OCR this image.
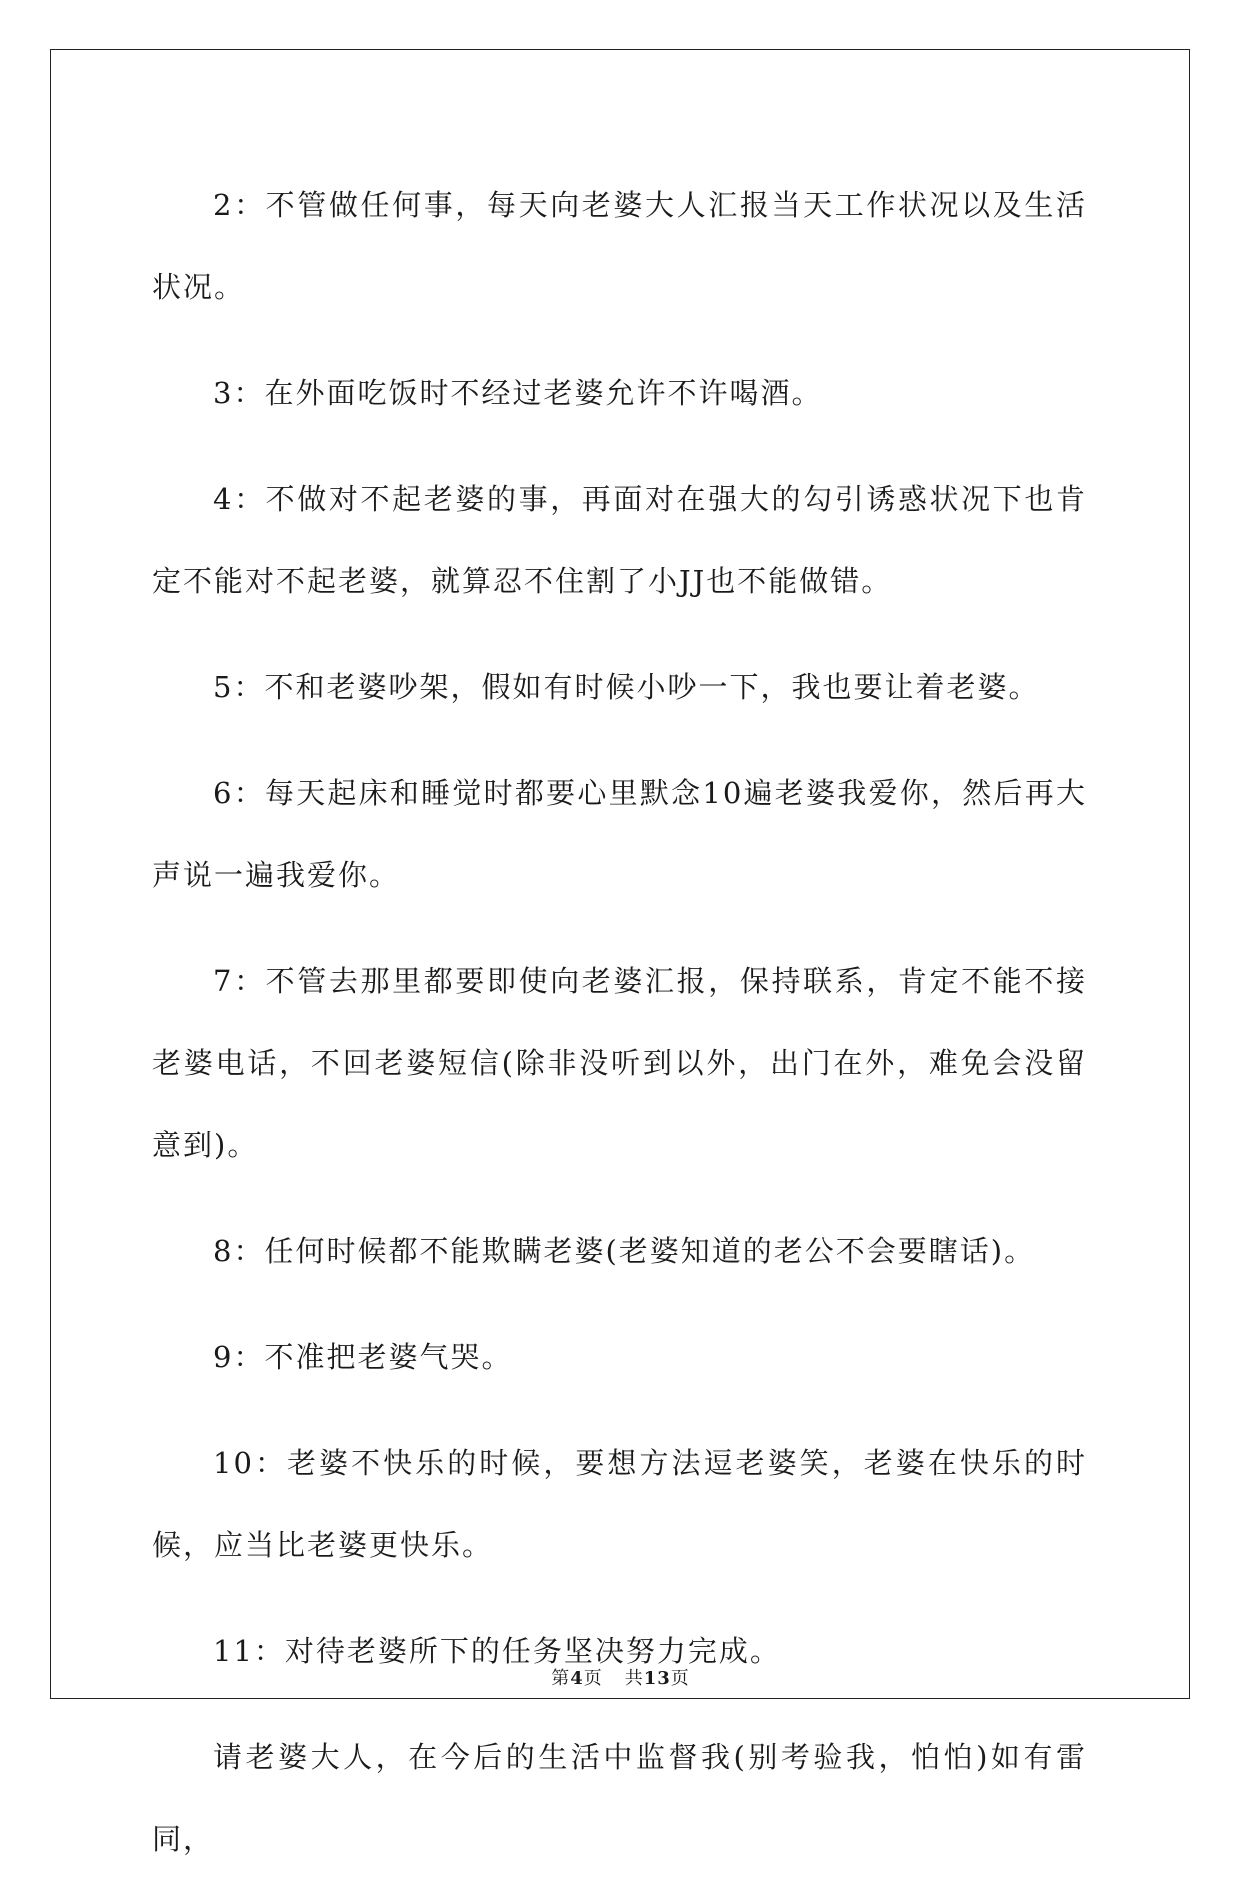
2：不管做任何事，每天向老婆大人汇报当天工作状况以及生活状况。

3：在外面吃饭时不经过老婆允许不许喝酒。

4：不做对不起老婆的事，再面对在强大的勾引诱惑状况下也肯定不能对不起老婆，就算忍不住割了小JJ也不能做错。

5：不和老婆吵架，假如有时候小吵一下，我也要让着老婆。

6：每天起床和睡觉时都要心里默念10遍老婆我爱你，然后再大声说一遍我爱你。

7：不管去那里都要即使向老婆汇报，保持联系，肯定不能不接老婆电话，不回老婆短信(除非没听到以外，出门在外，难免会没留意到)。

8：任何时候都不能欺瞒老婆(老婆知道的老公不会要瞎话)。

9：不准把老婆气哭。

10：老婆不快乐的时候，要想方法逗老婆笑，老婆在快乐的时候，应当比老婆更快乐。

11：对待老婆所下的任务坚决努力完成。

请老婆大人，在今后的生活中监督我(别考验我，怕怕)如有雷同，

第4页 共13页
